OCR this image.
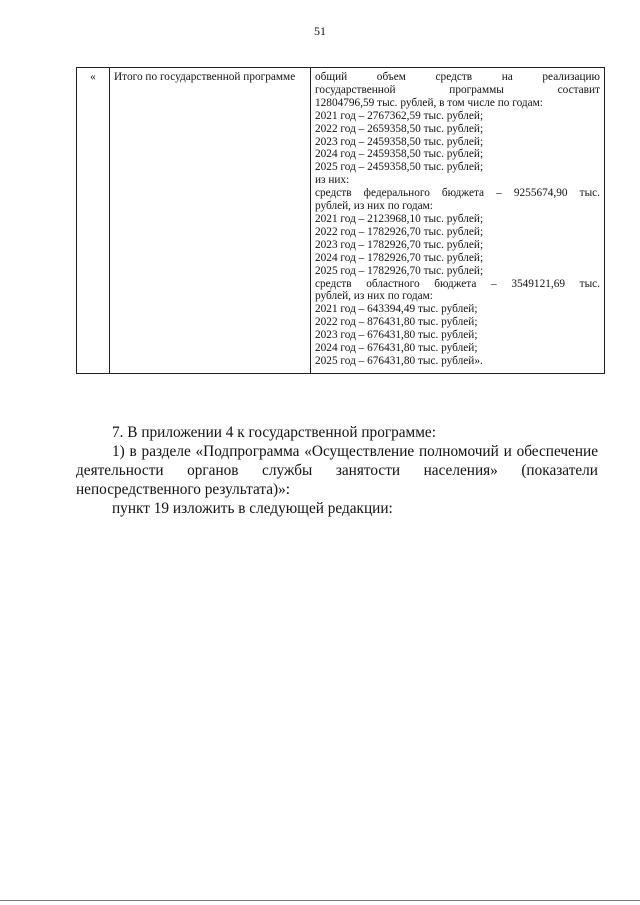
51
«	Итого по государственной программе	общий объем средств на реализацию
государственной программы составит
12804796,59 тыс. рублей, в том числе по годам:
2021 год – 2767362,59 тыс. рублей;
2022 год – 2659358,50 тыс. рублей;
2023 год – 2459358,50 тыс. рублей;
2024 год – 2459358,50 тыс. рублей;
2025 год – 2459358,50 тыс. рублей;
из них:
средств федерального бюджета – 9255674,90 тыс.
рублей, из них по годам:
2021 год – 2123968,10 тыс. рублей;
2022 год – 1782926,70 тыс. рублей;
2023 год – 1782926,70 тыс. рублей;
2024 год – 1782926,70 тыс. рублей;
2025 год – 1782926,70 тыс. рублей;
средств областного бюджета – 3549121,69 тыс.
рублей, из них по годам:
2021 год – 643394,49 тыс. рублей;
2022 год – 876431,80 тыс. рублей;
2023 год – 676431,80 тыс. рублей;
2024 год – 676431,80 тыс. рублей;
2025 год – 676431,80 тыс. рублей».
7. В приложении 4 к государственной программе:
1) в разделе «Подпрограмма «Осуществление полномочий и обеспечение
деятельности органов службы занятости населения» (показатели
непосредственного результата)»:
пункт 19 изложить в следующей редакции:
